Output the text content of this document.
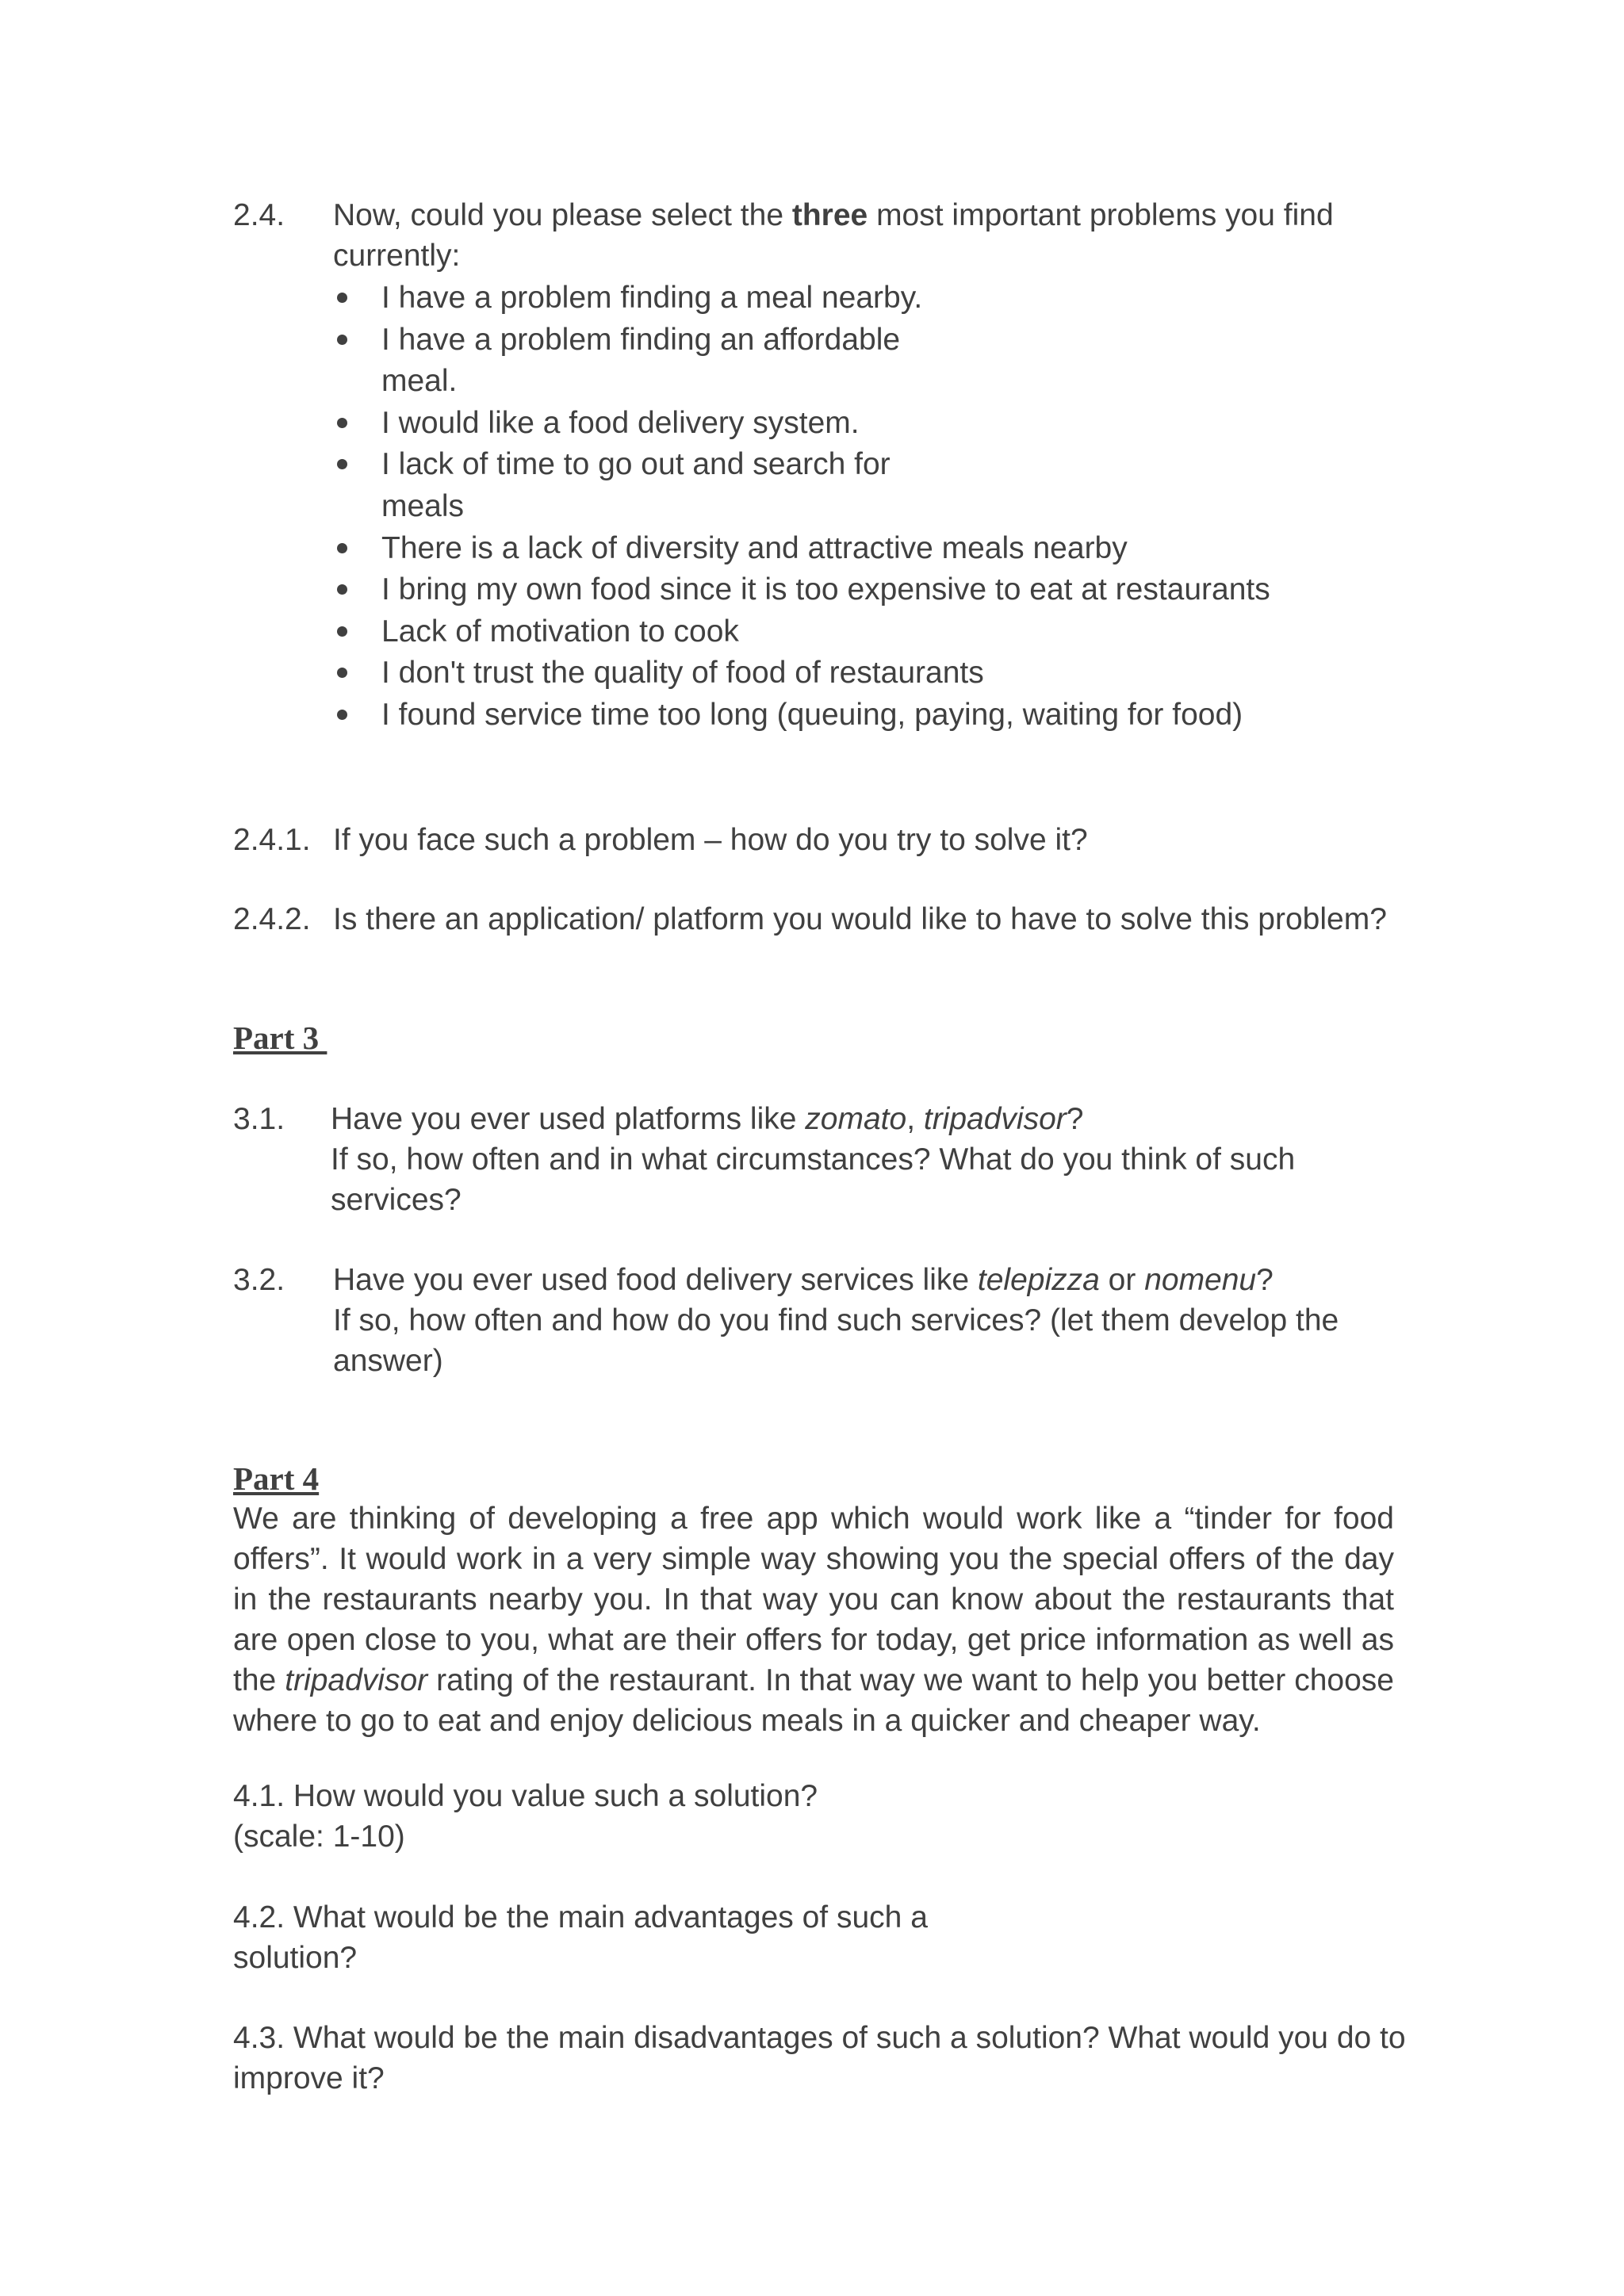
2.4. Now, could you please select the three most important problems you find
currently:
I have a problem finding a meal nearby.
I have a problem finding an affordable
meal.
I would like a food delivery system.
I lack of time to go out and search for
meals
There is a lack of diversity and attractive meals nearby
I bring my own food since it is too expensive to eat at restaurants
Lack of motivation to cook
I don't trust the quality of food of restaurants
I found service time too long (queuing, paying, waiting for food)
2.4.1. If you face such a problem – how do you try to solve it?
2.4.2. Is there an application/ platform you would like to have to solve this problem?
Part 3
3.1. Have you ever used platforms like zomato, tripadvisor?
If so, how often and in what circumstances? What do you think of such
services?
3.2. Have you ever used food delivery services like telepizza or nomenu?
If so, how often and how do you find such services? (let them develop the
answer)
Part 4
We are thinking of developing a free app which would work like a “tinder for food offers”. It would work in a very simple way showing you the special offers of the day in the restaurants nearby you. In that way you can know about the restaurants that are open close to you, what are their offers for today, get price information as well as the tripadvisor rating of the restaurant. In that way we want to help you better choose where to go to eat and enjoy delicious meals in a quicker and cheaper way.
4.1. How would you value such a solution?
(scale: 1-10)
4.2. What would be the main advantages of such a
solution?
4.3. What would be the main disadvantages of such a solution? What would you do to
improve it?
